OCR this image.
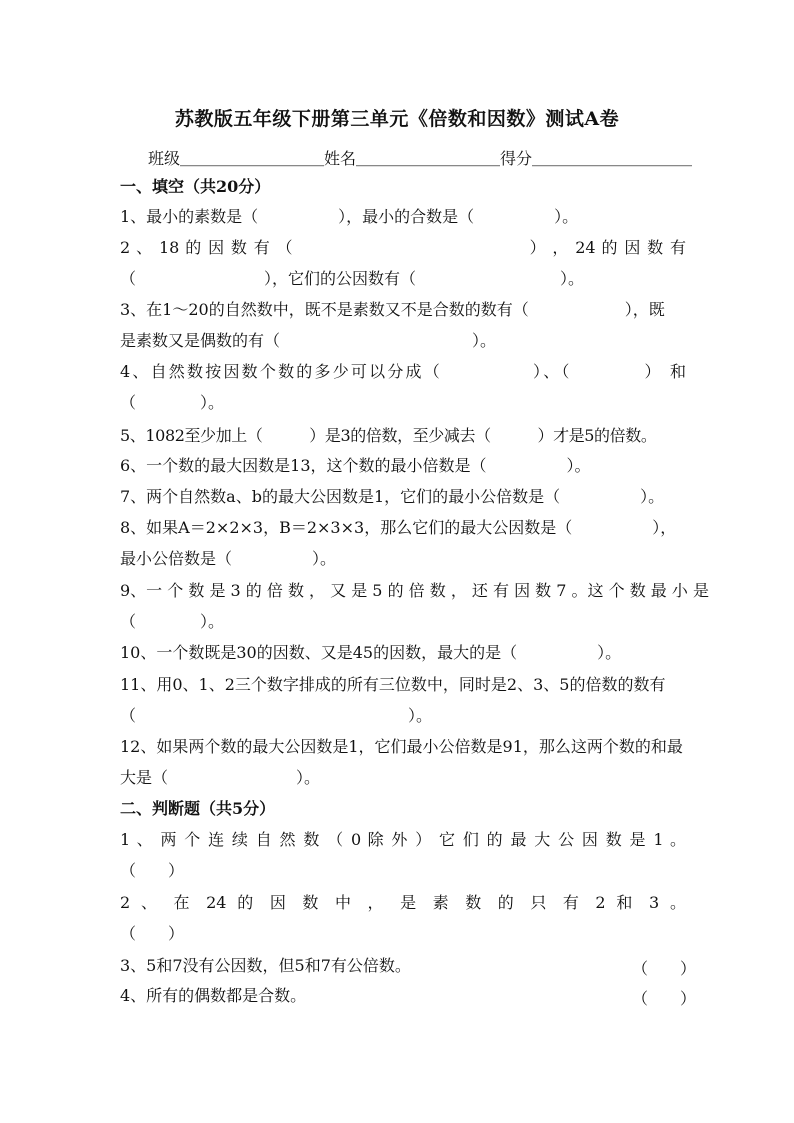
苏教版五年级下册第三单元《倍数和因数》测试A卷
班级＿＿＿＿＿＿＿＿＿姓名＿＿＿＿＿＿＿＿＿得分＿＿＿＿＿＿＿＿＿＿
一、填空（共20分）
1、最小的素数是（　　　　　），最小的合数是（　　　　　）。
2 、 18 的 因 数 有 （　　　　　　　　　　　　　　） ， 24 的 因 数 有
（　　　　　　　　），它们的公因数有（　　　　　　　　　）。
3、在1～20的自然数中，既不是素数又不是合数的数有（　　　　　　），既
是素数又是偶数的有（　　　　　　　　　　　　）。
4、自然数按因数个数的多少可以分成（　　　　　）、（　　　　） 和
（　　　　）。
5、1082至少加上（　　　）是3的倍数，至少减去（　　　）才是5的倍数。
6、一个数的最大因数是13，这个数的最小倍数是（　　　　　）。
7、两个自然数a、b的最大公因数是1，它们的最小公倍数是（　　　　　）。
8、如果A＝2×2×3，B＝2×3×3，那么它们的最大公因数是（　　　　　），
最小公倍数是（　　　　　）。
9、一 个 数 是 3 的 倍 数 ， 又 是 5 的 倍 数 ， 还 有 因 数 7 。这 个 数 最 小 是
（　　　　）。
10、一个数既是30的因数、又是45的因数，最大的是（　　　　　）。
11、用0、1、2三个数字排成的所有三位数中，同时是2、3、5的倍数的数有
（　　　　　　　　　　　　　　　　　）。
12、如果两个数的最大公因数是1，它们最小公倍数是91，那么这两个数的和最
大是（　　　　　　　　）。
二、判断题（共5分）
1 、 两 个 连 续 自 然 数 （ 0 除 外 ） 它 们 的 最 大 公 因 数 是 1 。
（　　）
2 、 在 24 的 因 数 中 ， 是 素 数 的 只 有 2 和 3 。
（　　）
3、5和7没有公因数，但5和7有公倍数。	（　　）
4、所有的偶数都是合数。	（　　）
